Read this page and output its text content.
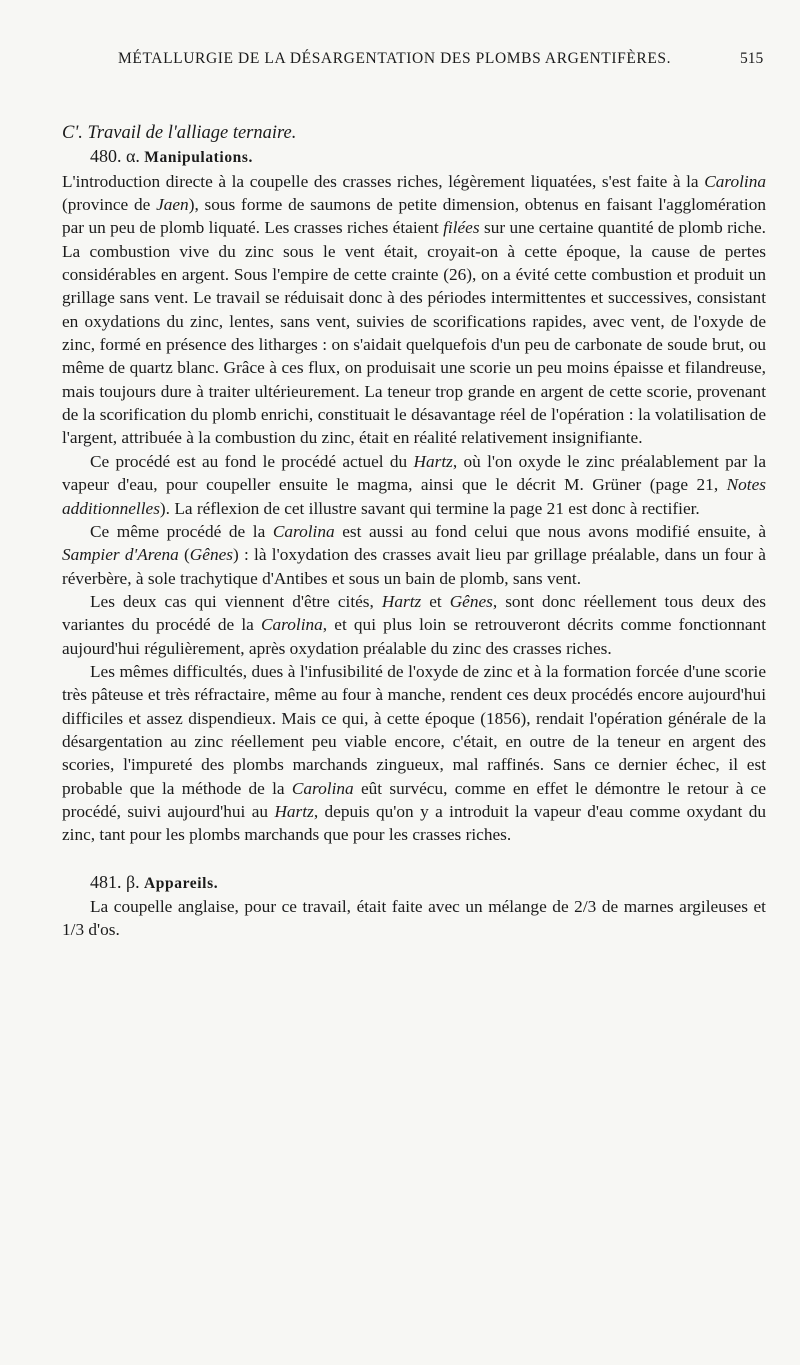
MÉTALLURGIE DE LA DÉSARGENTATION DES PLOMBS ARGENTIFÈRES.	515

C'. Travail de l'alliage ternaire.

480. α. Manipulations.

L'introduction directe à la coupelle des crasses riches, légèrement liquatées, s'est faite à la Carolina (province de Jaen), sous forme de saumons de petite dimension, obtenus en faisant l'agglomération par un peu de plomb liquaté. Les crasses riches étaient filées sur une certaine quantité de plomb riche. La combustion vive du zinc sous le vent était, croyait-on à cette époque, la cause de pertes considérables en argent. Sous l'empire de cette crainte (26), on a évité cette combustion et produit un grillage sans vent. Le travail se réduisait donc à des périodes intermittentes et successives, consistant en oxydations du zinc, lentes, sans vent, suivies de scorifications rapides, avec vent, de l'oxyde de zinc, formé en présence des litharges : on s'aidait quelquefois d'un peu de carbonate de soude brut, ou même de quartz blanc. Grâce à ces flux, on produisait une scorie un peu moins épaisse et filandreuse, mais toujours dure à traiter ultérieurement. La teneur trop grande en argent de cette scorie, provenant de la scorification du plomb enrichi, constituait le désavantage réel de l'opération : la volatilisation de l'argent, attribuée à la combustion du zinc, était en réalité relativement insignifiante.

Ce procédé est au fond le procédé actuel du Hartz, où l'on oxyde le zinc préalablement par la vapeur d'eau, pour coupeller ensuite le magma, ainsi que le décrit M. Grüner (page 21, Notes additionnelles). La réflexion de cet illustre savant qui termine la page 21 est donc à rectifier.

Ce même procédé de la Carolina est aussi au fond celui que nous avons modifié ensuite, à Sampier d'Arena (Gênes) : là l'oxydation des crasses avait lieu par grillage préalable, dans un four à réverbère, à sole trachytique d'Antibes et sous un bain de plomb, sans vent.

Les deux cas qui viennent d'être cités, Hartz et Gênes, sont donc réellement tous deux des variantes du procédé de la Carolina, et qui plus loin se retrouveront décrits comme fonctionnant aujourd'hui régulièrement, après oxydation préalable du zinc des crasses riches.

Les mêmes difficultés, dues à l'infusibilité de l'oxyde de zinc et à la formation forcée d'une scorie très pâteuse et très réfractaire, même au four à manche, rendent ces deux procédés encore aujourd'hui difficiles et assez dispendieux. Mais ce qui, à cette époque (1856), rendait l'opération générale de la désargentation au zinc réellement peu viable encore, c'était, en outre de la teneur en argent des scories, l'impureté des plombs marchands zingueux, mal raffinés. Sans ce dernier échec, il est probable que la méthode de la Carolina eût survécu, comme en effet le démontre le retour à ce procédé, suivi aujourd'hui au Hartz, depuis qu'on y a introduit la vapeur d'eau comme oxydant du zinc, tant pour les plombs marchands que pour les crasses riches.

481. β. Appareils.

La coupelle anglaise, pour ce travail, était faite avec un mélange de 2/3 de marnes argileuses et 1/3 d'os.
